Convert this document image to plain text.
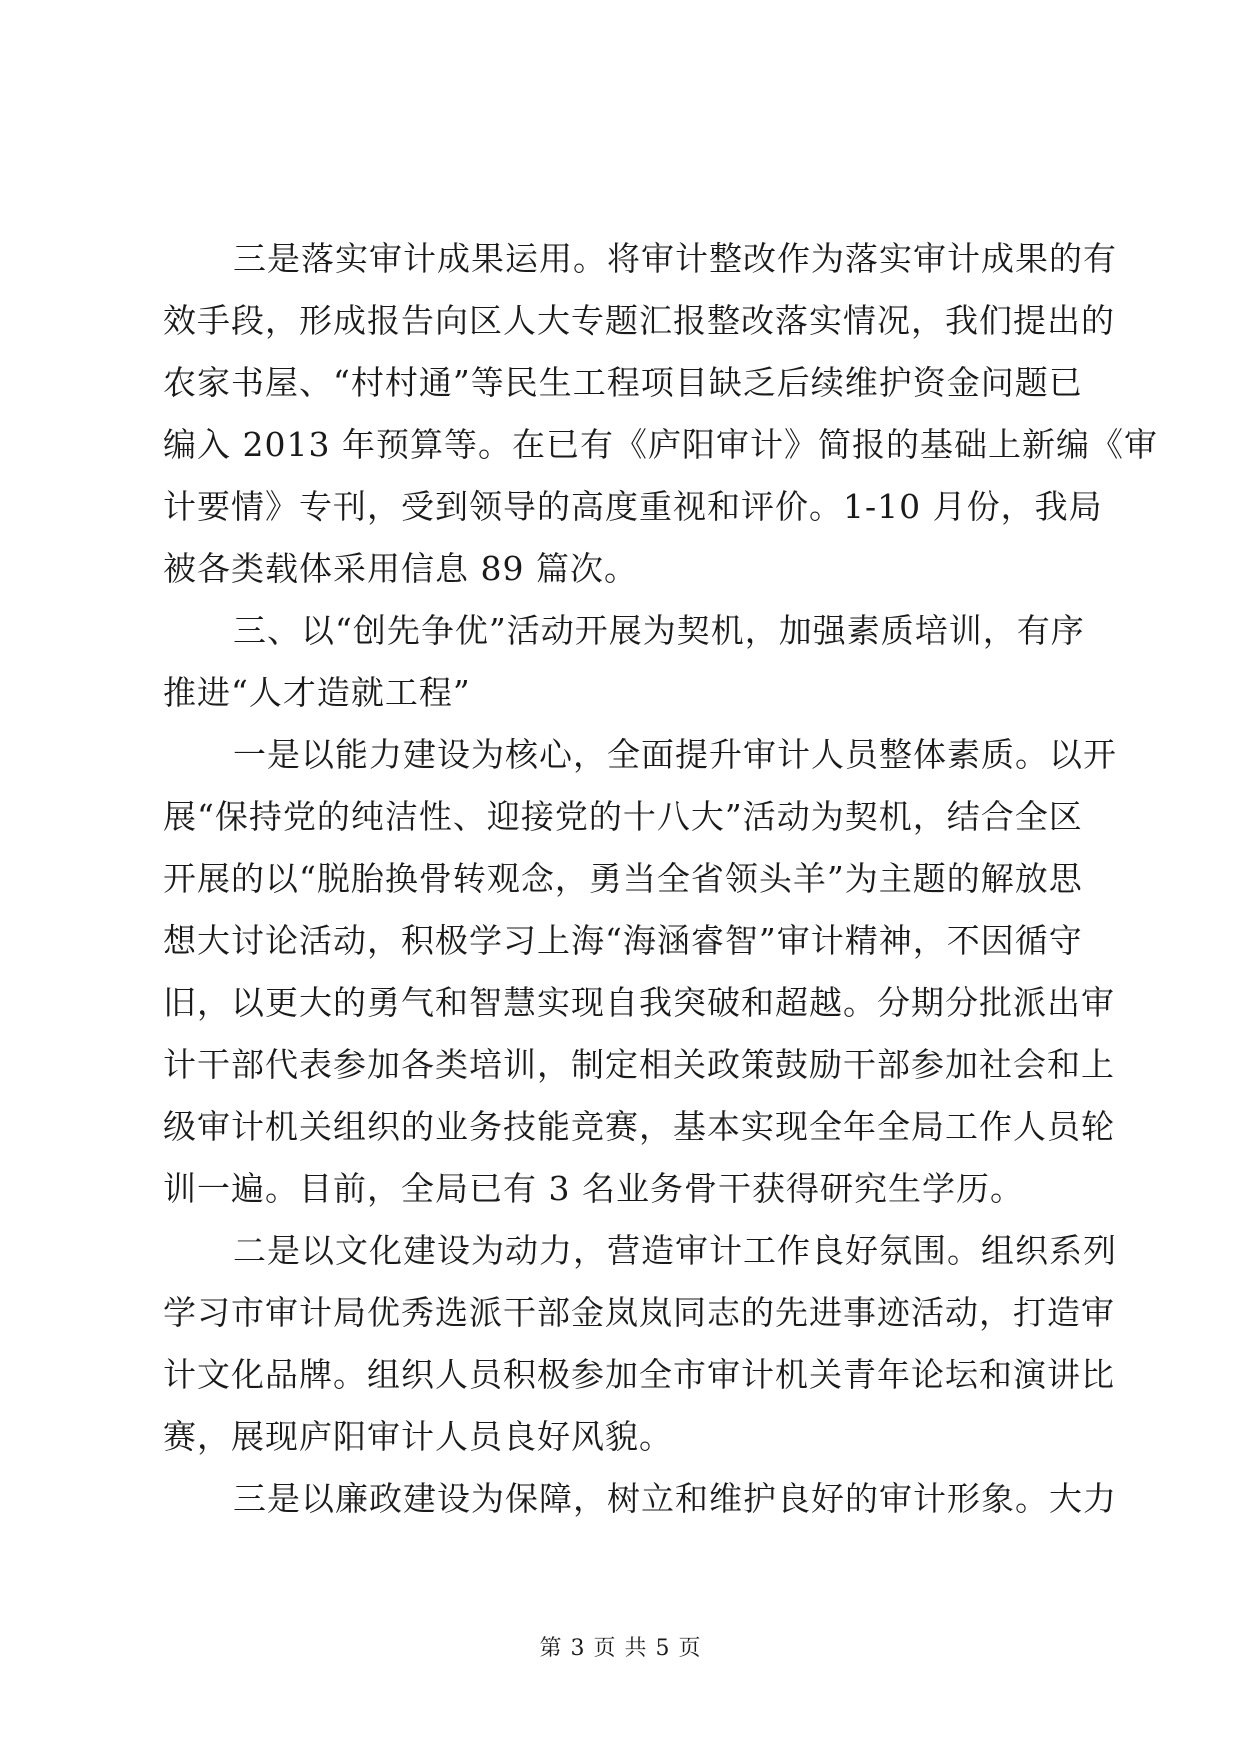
三是落实审计成果运用。将审计整改作为落实审计成果的有
效手段，形成报告向区人大专题汇报整改落实情况，我们提出的
农家书屋、“村村通”等民生工程项目缺乏后续维护资金问题已
编入 2013 年预算等。在已有《庐阳审计》简报的基础上新编《审
计要情》专刊，受到领导的高度重视和评价。1-10 月份，我局
被各类载体采用信息 89 篇次。
三、以“创先争优”活动开展为契机，加强素质培训，有序
推进“人才造就工程”
一是以能力建设为核心，全面提升审计人员整体素质。以开
展“保持党的纯洁性、迎接党的十八大”活动为契机，结合全区
开展的以“脱胎换骨转观念，勇当全省领头羊”为主题的解放思
想大讨论活动，积极学习上海“海涵睿智”审计精神，不因循守
旧，以更大的勇气和智慧实现自我突破和超越。分期分批派出审
计干部代表参加各类培训，制定相关政策鼓励干部参加社会和上
级审计机关组织的业务技能竞赛，基本实现全年全局工作人员轮
训一遍。目前，全局已有 3 名业务骨干获得研究生学历。
二是以文化建设为动力，营造审计工作良好氛围。组织系列
学习市审计局优秀选派干部金岚岚同志的先进事迹活动，打造审
计文化品牌。组织人员积极参加全市审计机关青年论坛和演讲比
赛，展现庐阳审计人员良好风貌。
三是以廉政建设为保障，树立和维护良好的审计形象。大力
第 3 页 共 5 页
